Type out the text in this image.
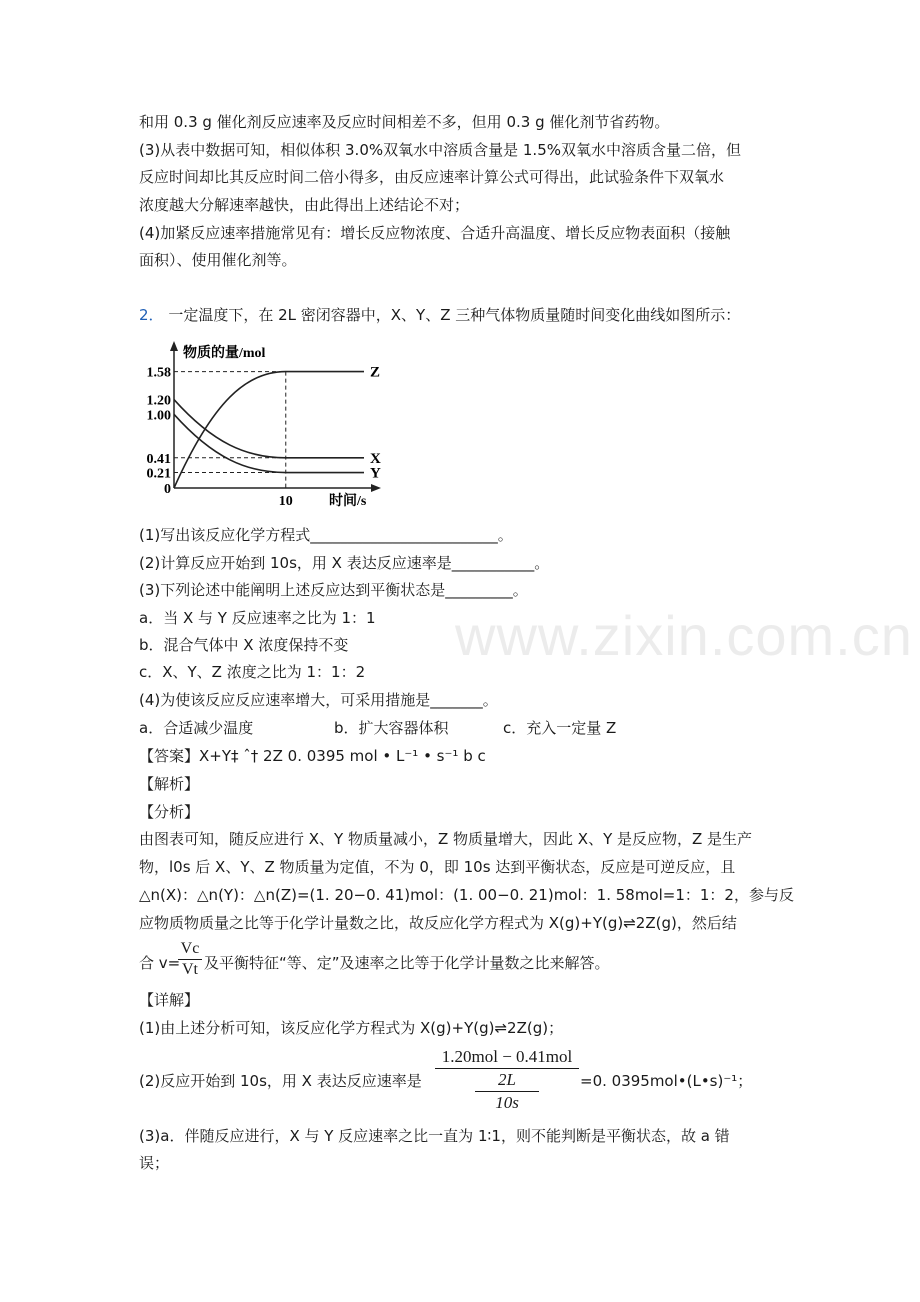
www.zixin.com.cn
和用 0.3 g 催化剂反应速率及反应时间相差不多，但用 0.3 g 催化剂节省药物。
(3)从表中数据可知，相似体积 3.0%双氧水中溶质含量是 1.5%双氧水中溶质含量二倍，但
反应时间却比其反应时间二倍小得多，由反应速率计算公式可得出，此试验条件下双氧水
浓度越大分解速率越快，由此得出上述结论不对；
(4)加紧反应速率措施常见有：增长反应物浓度、合适升高温度、增长反应物表面积（接触
面积）、使用催化剂等。
2． 一定温度下，在 2L 密闭容器中，X、Y、Z 三种气体物质量随时间变化曲线如图所示：
物质的量/mol
时间/s
1.58
1.20
1.00
0.41
0.21
0
10
Z
X
Y
(1)写出该反应化学方程式_________________________。
(2)计算反应开始到 10s，用 X 表达反应速率是___________。
(3)下列论述中能阐明上述反应达到平衡状态是_________。
a．当 X 与 Y 反应速率之比为 1：1
b．混合气体中 X 浓度保持不变
c．X、Y、Z 浓度之比为 1：1：2
(4)为使该反应反应速率增大，可采用措施是_______。
a．合适减少温度	b．扩大容器体积	c．充入一定量 Z
【答案】X+Y‡ ˆ† 2Z 0. 0395 mol • L⁻¹ • s⁻¹ b c
【解析】
【分析】
由图表可知，随反应进行 X、Y 物质量减小，Z 物质量增大，因此 X、Y 是反应物，Z 是生产
物，l0s 后 X、Y、Z 物质量为定值，不为 0，即 10s 达到平衡状态，反应是可逆反应，且
△n(X)：△n(Y)：△n(Z)=(1. 20−0. 41)mol：(1. 00−0. 21)mol：1. 58mol=1：1：2，参与反
应物质物质量之比等于化学计量数之比，故反应化学方程式为 X(g)+Y(g)⇌2Z(g)，然后结
合 v=
Vc
Vt 及平衡特征“等、定”及速率之比等于化学计量数之比来解答。
【详解】
(1)由上述分析可知，该反应化学方程式为 X(g)+Y(g)⇌2Z(g)；
(2)反应开始到 10s，用 X 表达反应速率是
1.20mol − 0.41mol
2L
10s
=0. 0395mol•(L•s)⁻¹；
(3)a．伴随反应进行，X 与 Y 反应速率之比一直为 1∶1，则不能判断是平衡状态，故 a 错
误；
